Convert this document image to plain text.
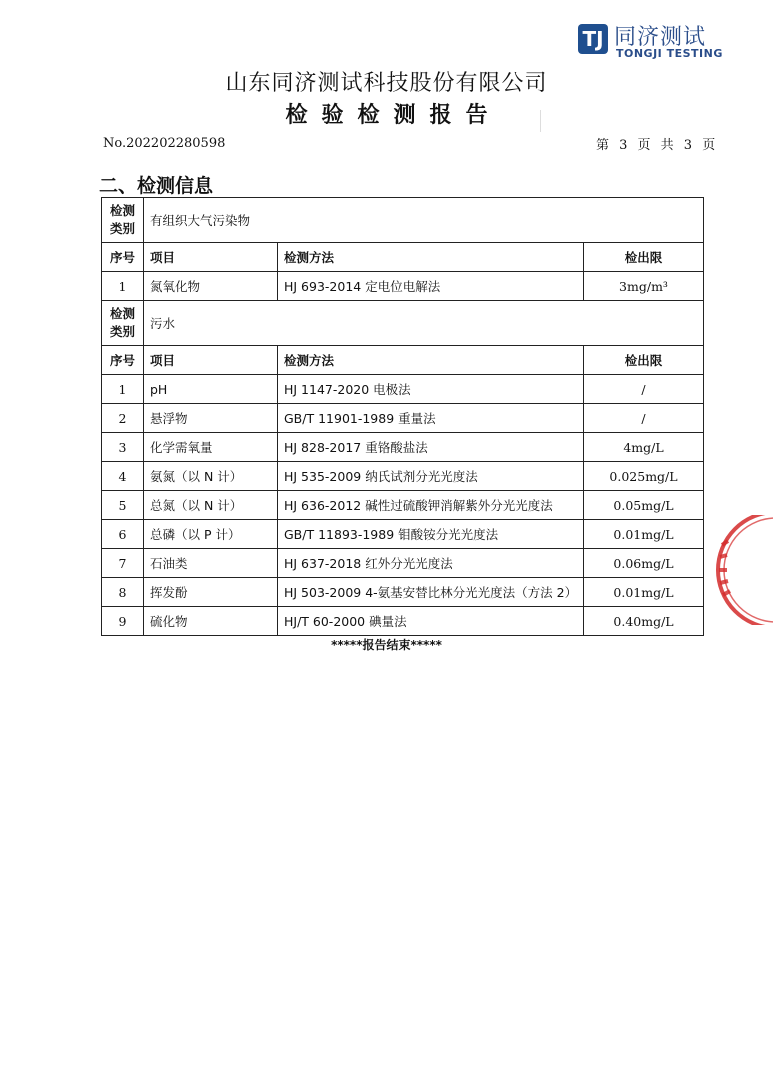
TJ 同济测试
TONGJI TESTING
山东同济测试科技股份有限公司
检验检测报告
No.202202280598	第 3 页 共 3 页
二、检测信息
检测类别	有组织大气污染物		
序号	项目	检测方法	检出限
1	氮氧化物	HJ 693-2014 定电位电解法	3mg/m³
检测类别	污水		
序号	项目	检测方法	检出限
1	pH	HJ 1147-2020 电极法	/
2	悬浮物	GB/T 11901-1989 重量法	/
3	化学需氧量	HJ 828-2017 重铬酸盐法	4mg/L
4	氨氮（以 N 计）	HJ 535-2009 纳氏试剂分光光度法	0.025mg/L
5	总氮（以 N 计）	HJ 636-2012 碱性过硫酸钾消解紫外分光光度法	0.05mg/L
6	总磷（以 P 计）	GB/T 11893-1989 钼酸铵分光光度法	0.01mg/L
7	石油类	HJ 637-2018 红外分光光度法	0.06mg/L
8	挥发酚	HJ 503-2009 4-氨基安替比林分光光度法（方法 2）	0.01mg/L
9	硫化物	HJ/T 60-2000 碘量法	0.40mg/L
*****报告结束*****
